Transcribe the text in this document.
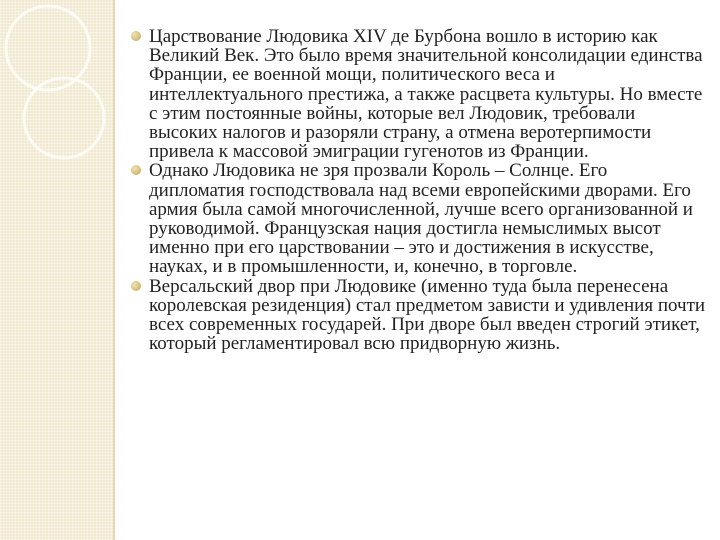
Царствование Людовика XIV де Бурбона вошло в историю как Великий Век. Это было время значительной консолидации единства Франции, ее военной мощи, политического веса и интеллектуального престижа, а также расцвета культуры. Но вместе с этим постоянные войны, которые вел Людовик, требовали высоких налогов и разоряли страну, а отмена веротерпимости привела к массовой эмиграции гугенотов из Франции.
Однако Людовика не зря прозвали Король – Солнце. Его дипломатия господствовала над всеми европейскими дворами. Его армия была самой многочисленной, лучше всего организованной и руководимой. Французская нация достигла немыслимых высот именно при его царствовании – это и достижения в искусстве, науках, и в промышленности, и, конечно, в торговле.
Версальский двор при Людовике (именно туда была перенесена королевская резиденция) стал предметом зависти и удивления почти всех современных государей. При дворе был введен строгий этикет, который регламентировал всю придворную жизнь.
